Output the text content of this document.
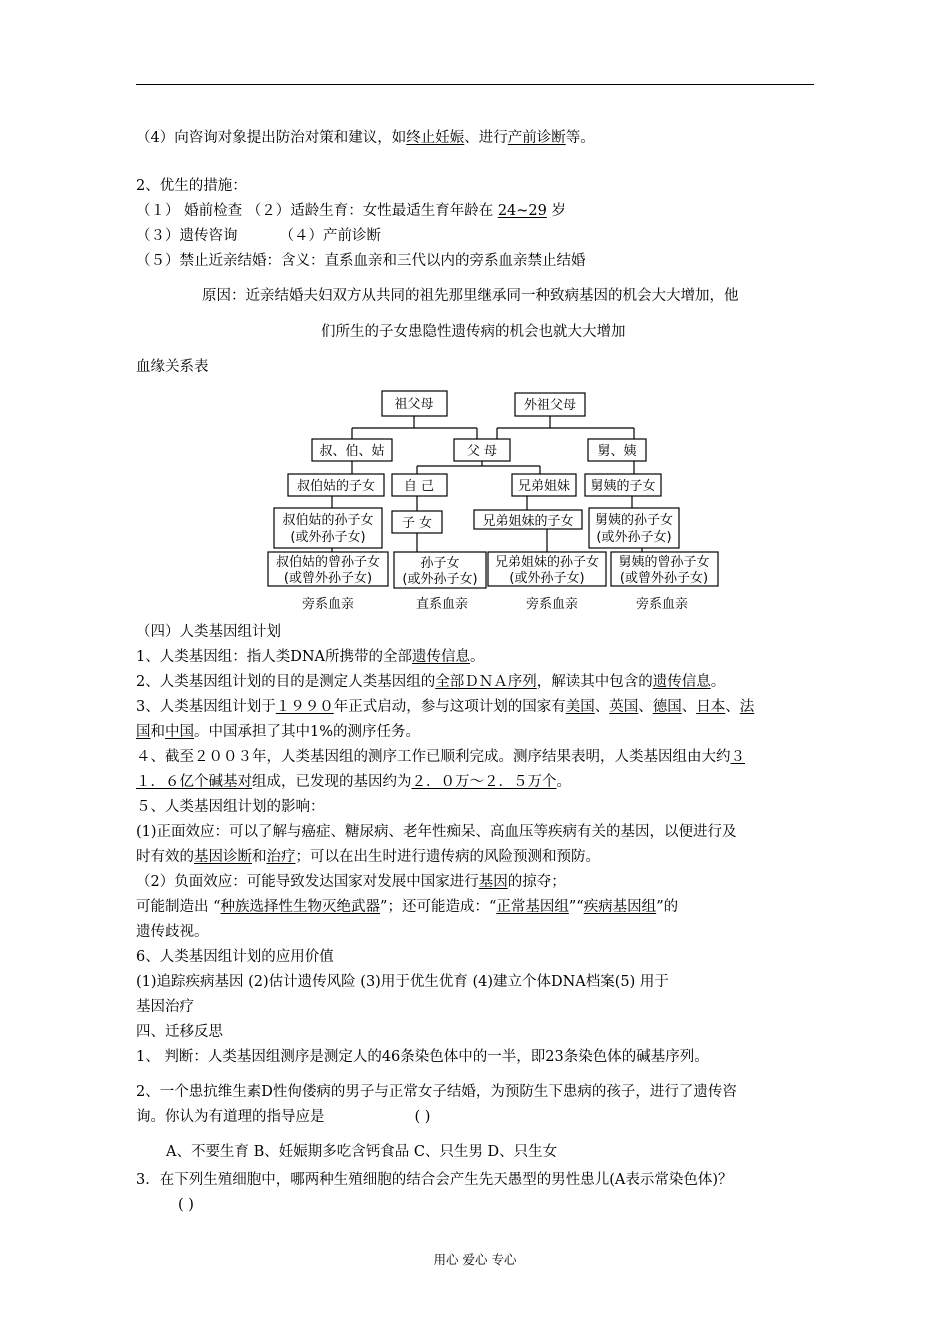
（4）向咨询对象提出防治对策和建议，如终止妊娠、进行产前诊断等。
2、优生的措施：
（１） 婚前检查 （２）适龄生育：女性最适生育年龄在 24~29 岁
（３）遗传咨询	（４）产前诊断
（５）禁止近亲结婚：含义：直系血亲和三代以内的旁系血亲禁止结婚
原因：近亲结婚夫妇双方从共同的祖先那里继承同一种致病基因的机会大大增加，他
们所生的子女患隐性遗传病的机会也就大大增加
血缘关系表
祖父母	外祖父母
叔、伯、姑	父 母	舅、姨
叔伯姑的子女 自 己	兄弟姐妹 舅姨的子女
叔伯姑的孙子女
(或外孙子女)
子 女	兄弟姐妹的子女 舅姨的孙子女
(或外孙子女)
叔伯姑的曾孙子女
(或曾外孙子女)
孙子女
(或外孙子女)
兄弟姐妹的孙子女
(或外孙子女)
舅姨的曾孙子女
(或曾外孙子女)
旁系血亲	直系血亲	旁系血亲	旁系血亲
（四）人类基因组计划
1、人类基因组：指人类DNA所携带的全部遗传信息。
2、人类基因组计划的目的是测定人类基因组的全部ＤＮＡ序列，解读其中包含的遗传信息。
3、人类基因组计划于１９９０年正式启动，参与这项计划的国家有美国、英国、德国、日本、法
国和中国。中国承担了其中1%的测序任务。
４、截至２００３年，人类基因组的测序工作已顺利完成。测序结果表明，人类基因组由大约３
１．６亿个碱基对组成，已发现的基因约为２．０万～２．５万个。
５、人类基因组计划的影响：
(1)正面效应：可以了解与癌症、糖尿病、老年性痴呆、高血压等疾病有关的基因，以便进行及
时有效的基因诊断和治疗；可以在出生时进行遗传病的风险预测和预防。
（2）负面效应：可能导致发达国家对发展中国家进行基因的掠夺；
可能制造出 “种族选择性生物灭绝武器”；还可能造成：“正常基因组”“疾病基因组”的
遗传歧视。
6、人类基因组计划的应用价值
(1)追踪疾病基因 (2)估计遗传风险 (3)用于优生优育 (4)建立个体DNA档案(5) 用于
基因治疗
四、迁移反思
1、 判断：人类基因组测序是测定人的46条染色体中的一半，即23条染色体的碱基序列。
2、一个患抗维生素D性佝偻病的男子与正常女子结婚，为预防生下患病的孩子，进行了遗传咨
询。你认为有道理的指导应是	( )
A、不要生育 B、妊娠期多吃含钙食品 C、只生男 D、只生女
3．在下列生殖细胞中，哪两种生殖细胞的结合会产生先天愚型的男性患儿(A表示常染色体)？
( )
用心 爱心 专心
